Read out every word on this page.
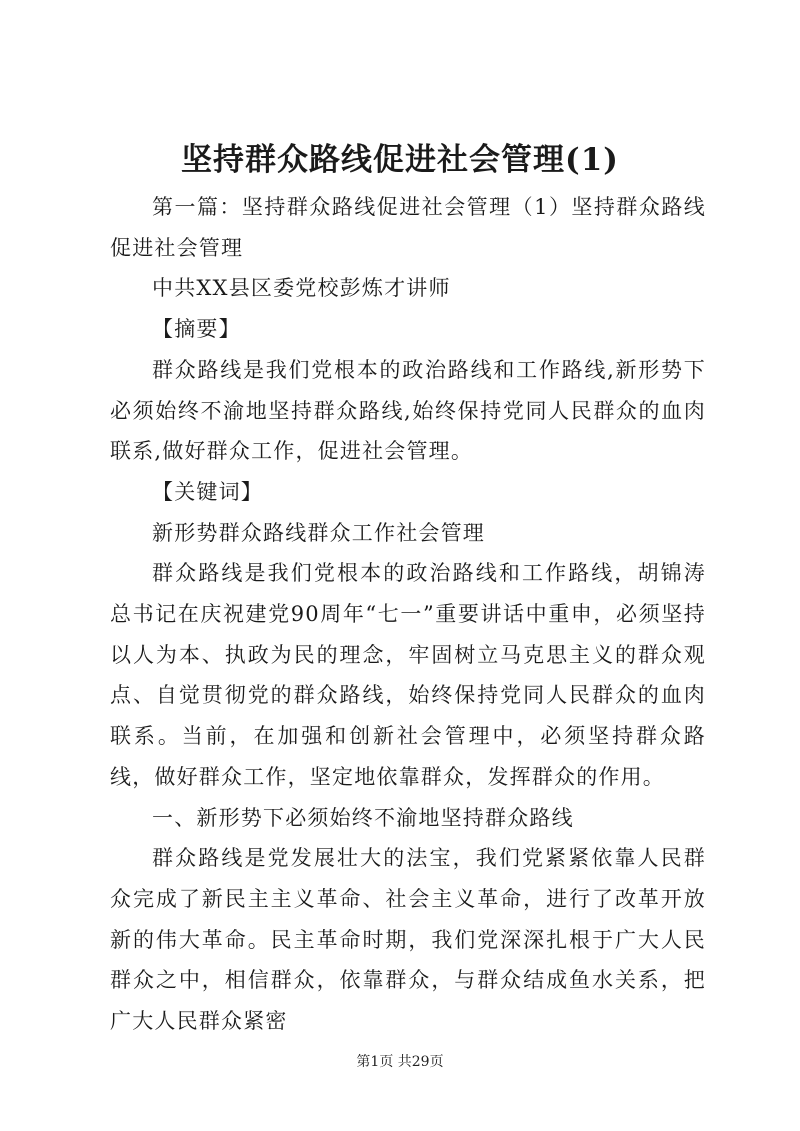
坚持群众路线促进社会管理(1)

第一篇：坚持群众路线促进社会管理（1）坚持群众路线促进社会管理

中共XX县区委党校彭炼才讲师

【摘要】

群众路线是我们党根本的政治路线和工作路线,新形势下必须始终不渝地坚持群众路线,始终保持党同人民群众的血肉联系,做好群众工作，促进社会管理。

【关键词】

新形势群众路线群众工作社会管理

群众路线是我们党根本的政治路线和工作路线，胡锦涛总书记在庆祝建党90周年“七一”重要讲话中重申，必须坚持以人为本、执政为民的理念，牢固树立马克思主义的群众观点、自觉贯彻党的群众路线，始终保持党同人民群众的血肉联系。当前，在加强和创新社会管理中，必须坚持群众路线，做好群众工作，坚定地依靠群众，发挥群众的作用。

一、新形势下必须始终不渝地坚持群众路线

群众路线是党发展壮大的法宝，我们党紧紧依靠人民群众完成了新民主主义革命、社会主义革命，进行了改革开放新的伟大革命。民主革命时期，我们党深深扎根于广大人民群众之中，相信群众，依靠群众，与群众结成鱼水关系，把广大人民群众紧密

第1页 共29页
